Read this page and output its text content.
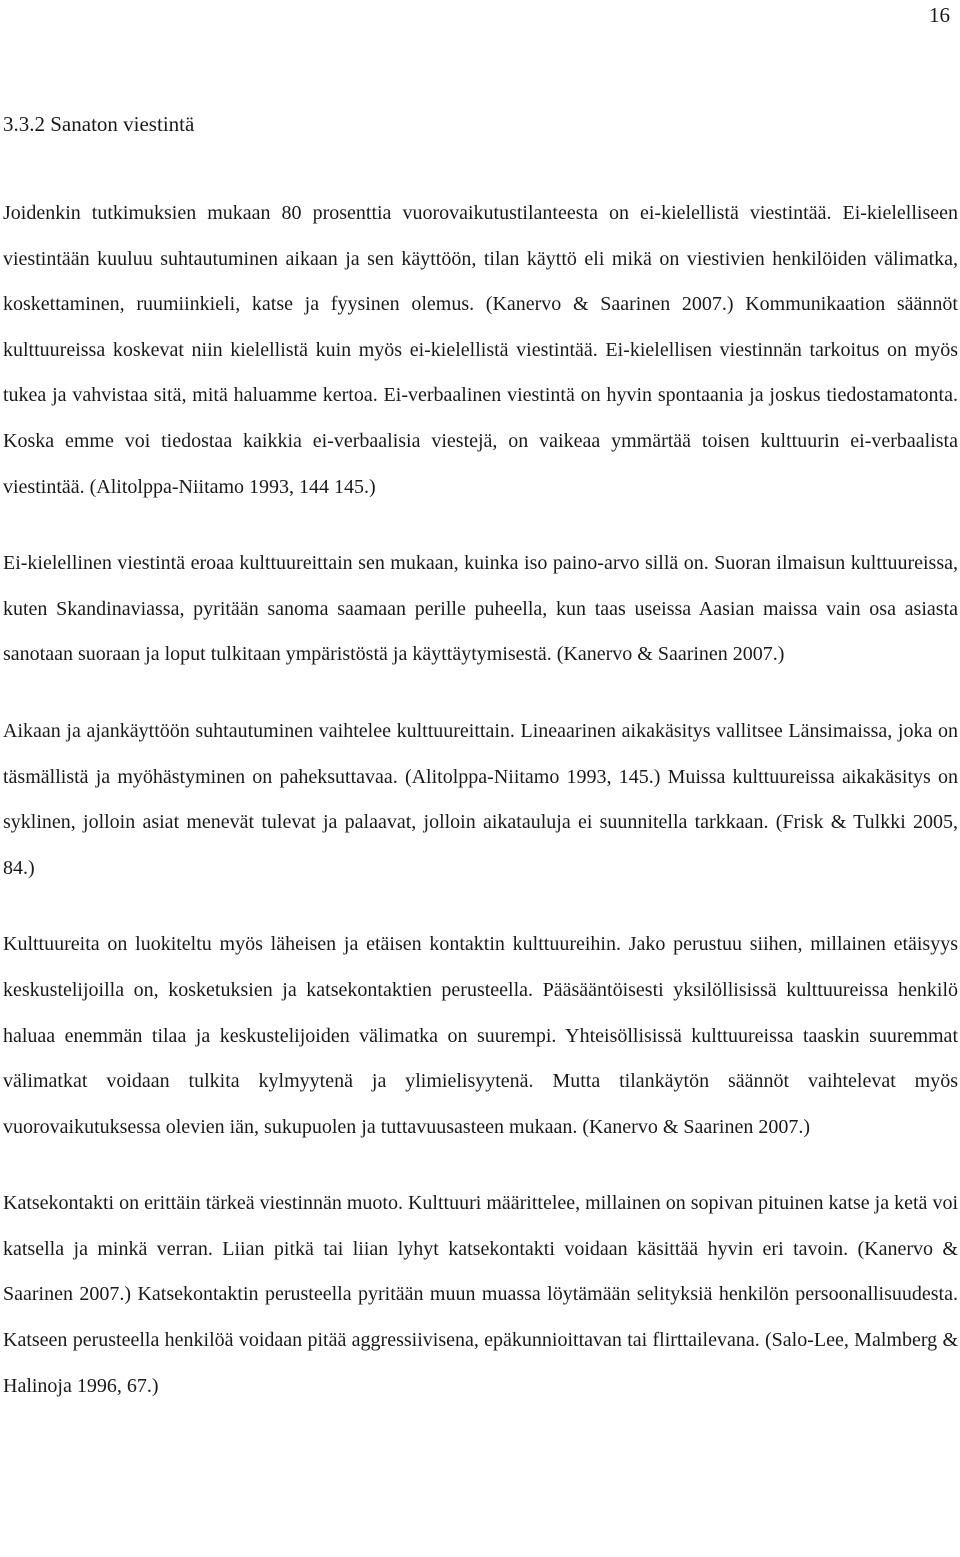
16
3.3.2 Sanaton viestintä

Joidenkin tutkimuksien mukaan 80 prosenttia vuorovaikutustilanteesta on ei-kielellistä viestintää. Ei-kielelliseen viestintään kuuluu suhtautuminen aikaan ja sen käyttöön, tilan käyttö eli mikä on viestivien henkilöiden välimatka, koskettaminen, ruumiinkieli, katse ja fyysinen olemus. (Kanervo & Saarinen 2007.) Kommunikaation säännöt kulttuureissa koskevat niin kielellistä kuin myös ei-kielellistä viestintää. Ei-kielellisen viestinnän tarkoitus on myös tukea ja vahvistaa sitä, mitä haluamme kertoa. Ei-verbaalinen viestintä on hyvin spontaania ja joskus tiedostamatonta. Koska emme voi tiedostaa kaikkia ei-verbaalisia viestejä, on vaikeaa ymmärtää toisen kulttuurin ei-verbaalista viestintää. (Alitolppa-Niitamo 1993, 144 145.)

Ei-kielellinen viestintä eroaa kulttuureittain sen mukaan, kuinka iso paino-arvo sillä on. Suoran ilmaisun kulttuureissa, kuten Skandinaviassa, pyritään sanoma saamaan perille puheella, kun taas useissa Aasian maissa vain osa asiasta sanotaan suoraan ja loput tulkitaan ympäristöstä ja käyttäytymisestä. (Kanervo & Saarinen 2007.)

Aikaan ja ajankäyttöön suhtautuminen vaihtelee kulttuureittain. Lineaarinen aikakäsitys vallitsee Länsimaissa, joka on täsmällistä ja myöhästyminen on paheksuttavaa. (Alitolppa-Niitamo 1993, 145.) Muissa kulttuureissa aikakäsitys on syklinen, jolloin asiat menevät tulevat ja palaavat, jolloin aikatauluja ei suunnitella tarkkaan. (Frisk & Tulkki 2005, 84.)

Kulttuureita on luokiteltu myös läheisen ja etäisen kontaktin kulttuureihin. Jako perustuu siihen, millainen etäisyys keskustelijoilla on, kosketuksien ja katsekontaktien perusteella. Pääsääntöisesti yksilöllisissä kulttuureissa henkilö haluaa enemmän tilaa ja keskustelijoiden välimatka on suurempi. Yhteisöllisissä kulttuureissa taaskin suuremmat välimatkat voidaan tulkita kylmyytenä ja ylimielisyytenä. Mutta tilankäytön säännöt vaihtelevat myös vuorovaikutuksessa olevien iän, sukupuolen ja tuttavuusasteen mukaan. (Kanervo & Saarinen 2007.)

Katsekontakti on erittäin tärkeä viestinnän muoto. Kulttuuri määrittelee, millainen on sopivan pituinen katse ja ketä voi katsella ja minkä verran. Liian pitkä tai liian lyhyt katsekontakti voidaan käsittää hyvin eri tavoin. (Kanervo & Saarinen 2007.) Katsekontaktin perusteella pyritään muun muassa löytämään selityksiä henkilön persoonallisuudesta. Katseen perusteella henkilöä voidaan pitää aggressiivisena, epäkunnioittavan tai flirttailevana. (Salo-Lee, Malmberg & Halinoja 1996, 67.)
